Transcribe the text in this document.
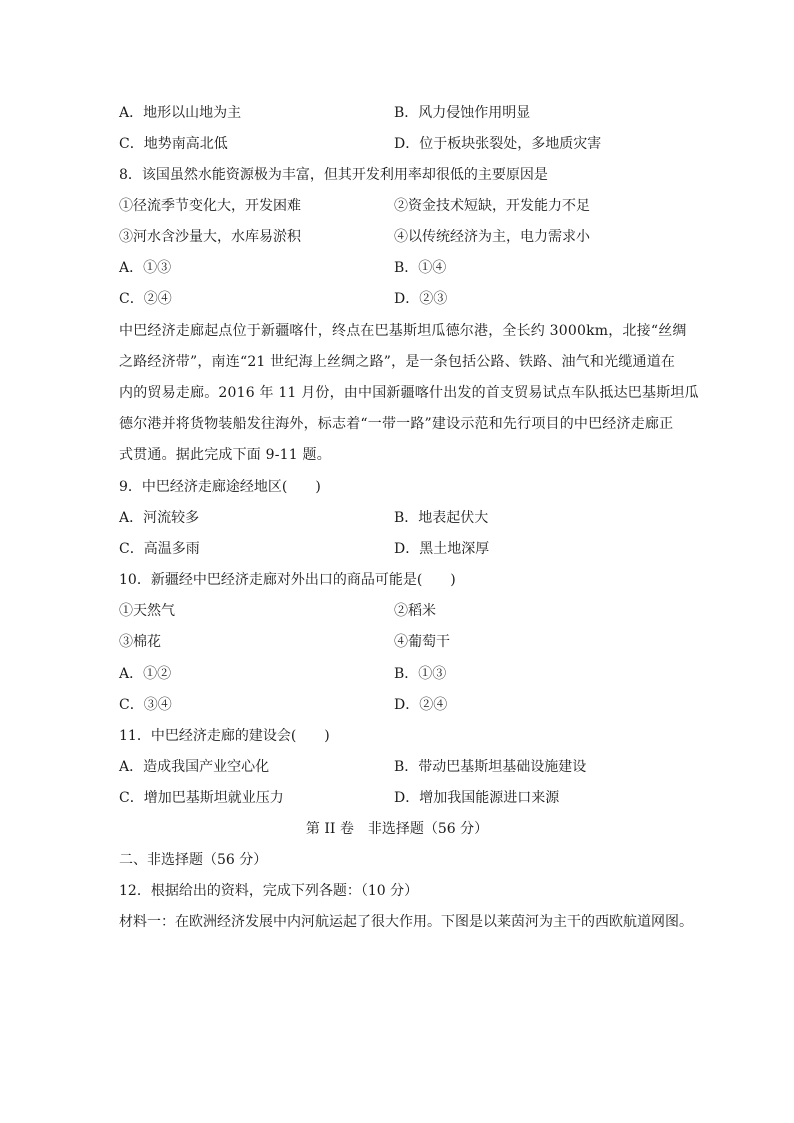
A．地形以山地为主	B．风力侵蚀作用明显
C．地势南高北低	D．位于板块张裂处，多地质灾害
8．该国虽然水能资源极为丰富，但其开发利用率却很低的主要原因是
①径流季节变化大，开发困难	②资金技术短缺，开发能力不足
③河水含沙量大，水库易淤积	④以传统经济为主，电力需求小
A．①③	B．①④
C．②④	D．②③
中巴经济走廊起点位于新疆喀什，终点在巴基斯坦瓜德尔港，全长约 3000km，北接“丝绸
之路经济带”，南连“21 世纪海上丝绸之路”，是一条包括公路、铁路、油气和光缆通道在
内的贸易走廊。2016 年 11 月份，由中国新疆喀什出发的首支贸易试点车队抵达巴基斯坦瓜
德尔港并将货物装船发往海外，标志着“一带一路”建设示范和先行项目的中巴经济走廊正
式贯通。据此完成下面 9-11 题。
9．中巴经济走廊途经地区(　　)
A．河流较多	B．地表起伏大
C．高温多雨	D．黑土地深厚
10．新疆经中巴经济走廊对外出口的商品可能是(　　)
①天然气	②稻米
③棉花	④葡萄干
A．①②	B．①③
C．③④	D．②④
11．中巴经济走廊的建设会(　　)
A．造成我国产业空心化	B．带动巴基斯坦基础设施建设
C．增加巴基斯坦就业压力	D．增加我国能源进口来源
第 II 卷　非选择题（56 分）
二、非选择题（56 分）
12．根据给出的资料，完成下列各题：（10 分）
材料一：在欧洲经济发展中内河航运起了很大作用。下图是以莱茵河为主干的西欧航道网图。
